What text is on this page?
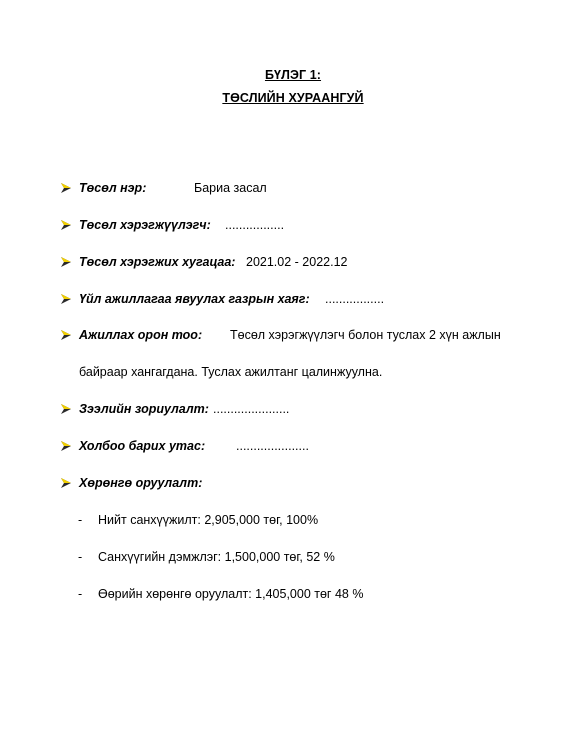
БҮЛЭГ 1:
ТӨСЛИЙН ХУРААНГУЙ
Төсөл нэр:	Бариа засал
Төсөл хэрэгжүүлэгч: .................
Төсөл хэрэгжих хугацаа: 2021.02 - 2022.12
Үйл ажиллагаа явуулах газрын хаяг: .................
Ажиллах орон тоо: Төсөл хэрэгжүүлэгч болон туслах 2 хүн ажлын
байраар хангагдана. Туслах ажилтанг цалинжуулна.
Зээлийн зориулалт: ......................
Холбоо барих утас: .....................
Хөрөнгө оруулалт:
- Нийт санхүүжилт: 2,905,000 төг, 100%
- Санхүүгийн дэмжлэг: 1,500,000 төг, 52 %
- Өөрийн хөрөнгө оруулалт: 1,405,000 төг 48 %
